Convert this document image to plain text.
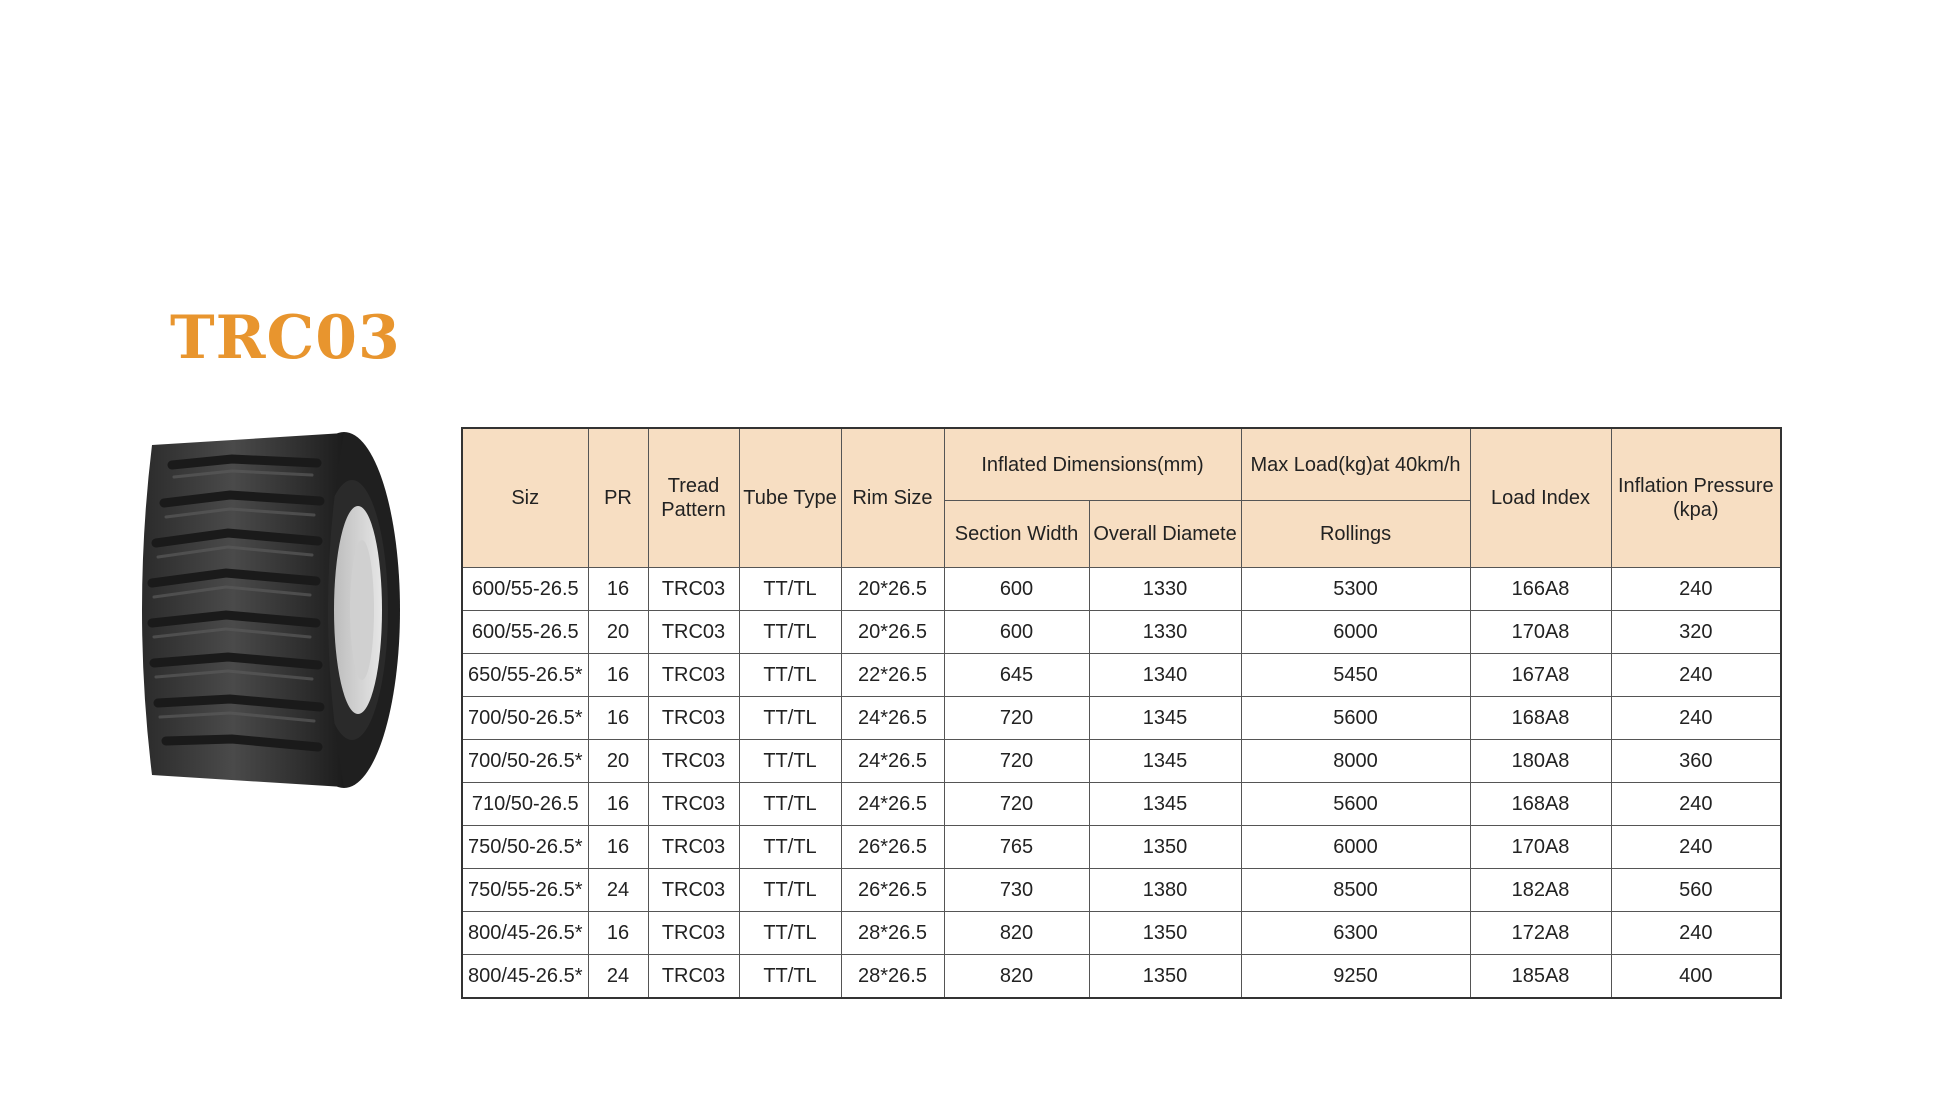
TRC03
Siz	PR	Tread Pattern	Tube Type	Rim Size	Inflated Dimensions(mm)		Max Load(kg)at 40km/h	Load Index	Inflation Pressure (kpa)
					Section Width	Overall Diamete	Rollings		
600/55-26.5	16	TRC03	TT/TL	20*26.5	600	1330	5300	166A8	240
600/55-26.5	20	TRC03	TT/TL	20*26.5	600	1330	6000	170A8	320
650/55-26.5*	16	TRC03	TT/TL	22*26.5	645	1340	5450	167A8	240
700/50-26.5*	16	TRC03	TT/TL	24*26.5	720	1345	5600	168A8	240
700/50-26.5*	20	TRC03	TT/TL	24*26.5	720	1345	8000	180A8	360
710/50-26.5	16	TRC03	TT/TL	24*26.5	720	1345	5600	168A8	240
750/50-26.5*	16	TRC03	TT/TL	26*26.5	765	1350	6000	170A8	240
750/55-26.5*	24	TRC03	TT/TL	26*26.5	730	1380	8500	182A8	560
800/45-26.5*	16	TRC03	TT/TL	28*26.5	820	1350	6300	172A8	240
800/45-26.5*	24	TRC03	TT/TL	28*26.5	820	1350	9250	185A8	400
